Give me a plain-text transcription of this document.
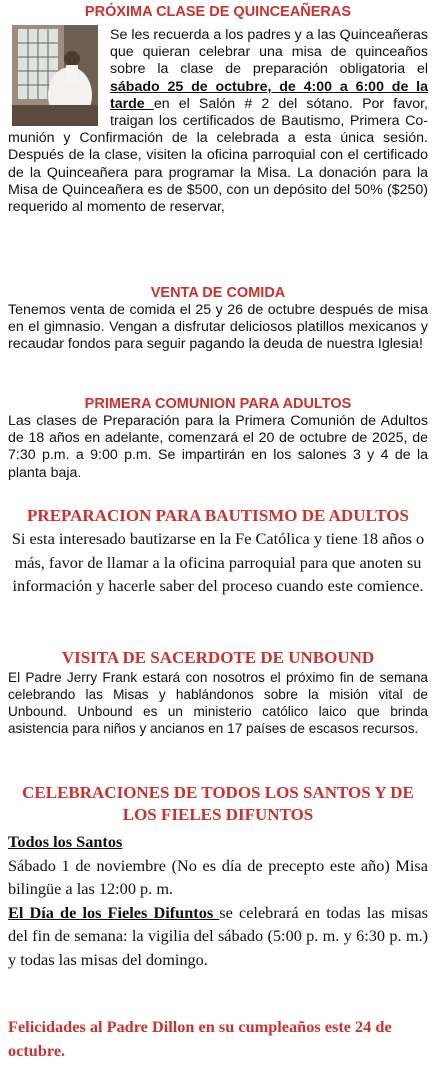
PRÓXIMA CLASE DE QUINCEAÑERAS

Se les recuerda a los padres y a las Quinceañeras que quieran celebrar una misa de quinceaños sobre la clase de preparación obligatoria el sábado 25 de octubre, de 4:00 a 6:00 de la tarde en el Salón # 2 del sótano. Por favor, traigan los certificados de Bautismo, Primera Comunión y Confirmación de la celebrada a esta única sesión. Después de la clase, visiten la oficina parroquial con el certificado de la Quinceañera para programar la Misa. La donación para la Misa de Quinceañera es de $500, con un depósito del 50% ($250) requerido al momento de reservar,

VENTA DE COMIDA

Tenemos venta de comida el 25 y 26 de octubre después de misa en el gimnasio. Vengan a disfrutar deliciosos platillos mexicanos y recaudar fondos para seguir pagando la deuda de nuestra Iglesia!

PRIMERA COMUNION PARA ADULTOS

Las clases de Preparación para la Primera Comunión de Adultos de 18 años en adelante, comenzará el 20 de octubre de 2025, de 7:30 p.m. a 9:00 p.m. Se impartirán en los salones 3 y 4 de la planta baja.

PREPARACION PARA BAUTISMO DE ADULTOS

Si esta interesado bautizarse en la Fe Católica y tiene 18 años o más, favor de llamar a la oficina parroquial para que anoten su información y hacerle saber del proceso cuando este comience.

VISITA DE SACERDOTE DE UNBOUND

El Padre Jerry Frank estará con nosotros el próximo fin de semana celebrando las Misas y hablándonos sobre la misión vital de Unbound. Unbound es un ministerio católico laico que brinda asistencia para niños y ancianos en 17 países de escasos recursos.

CELEBRACIONES DE TODOS LOS SANTOS Y DE LOS FIELES DIFUNTOS
Todos los Santos

Sábado 1 de noviembre (No es día de precepto este año) Misa bilingüe a las 12:00 p. m.

El Día de los Fieles Difuntos se celebrará en todas las misas del fin de semana: la vigilia del sábado (5:00 p. m. y 6:30 p. m.) y todas las misas del domingo.

Felicidades al Padre Dillon en su cumpleaños este 24 de octubre.
